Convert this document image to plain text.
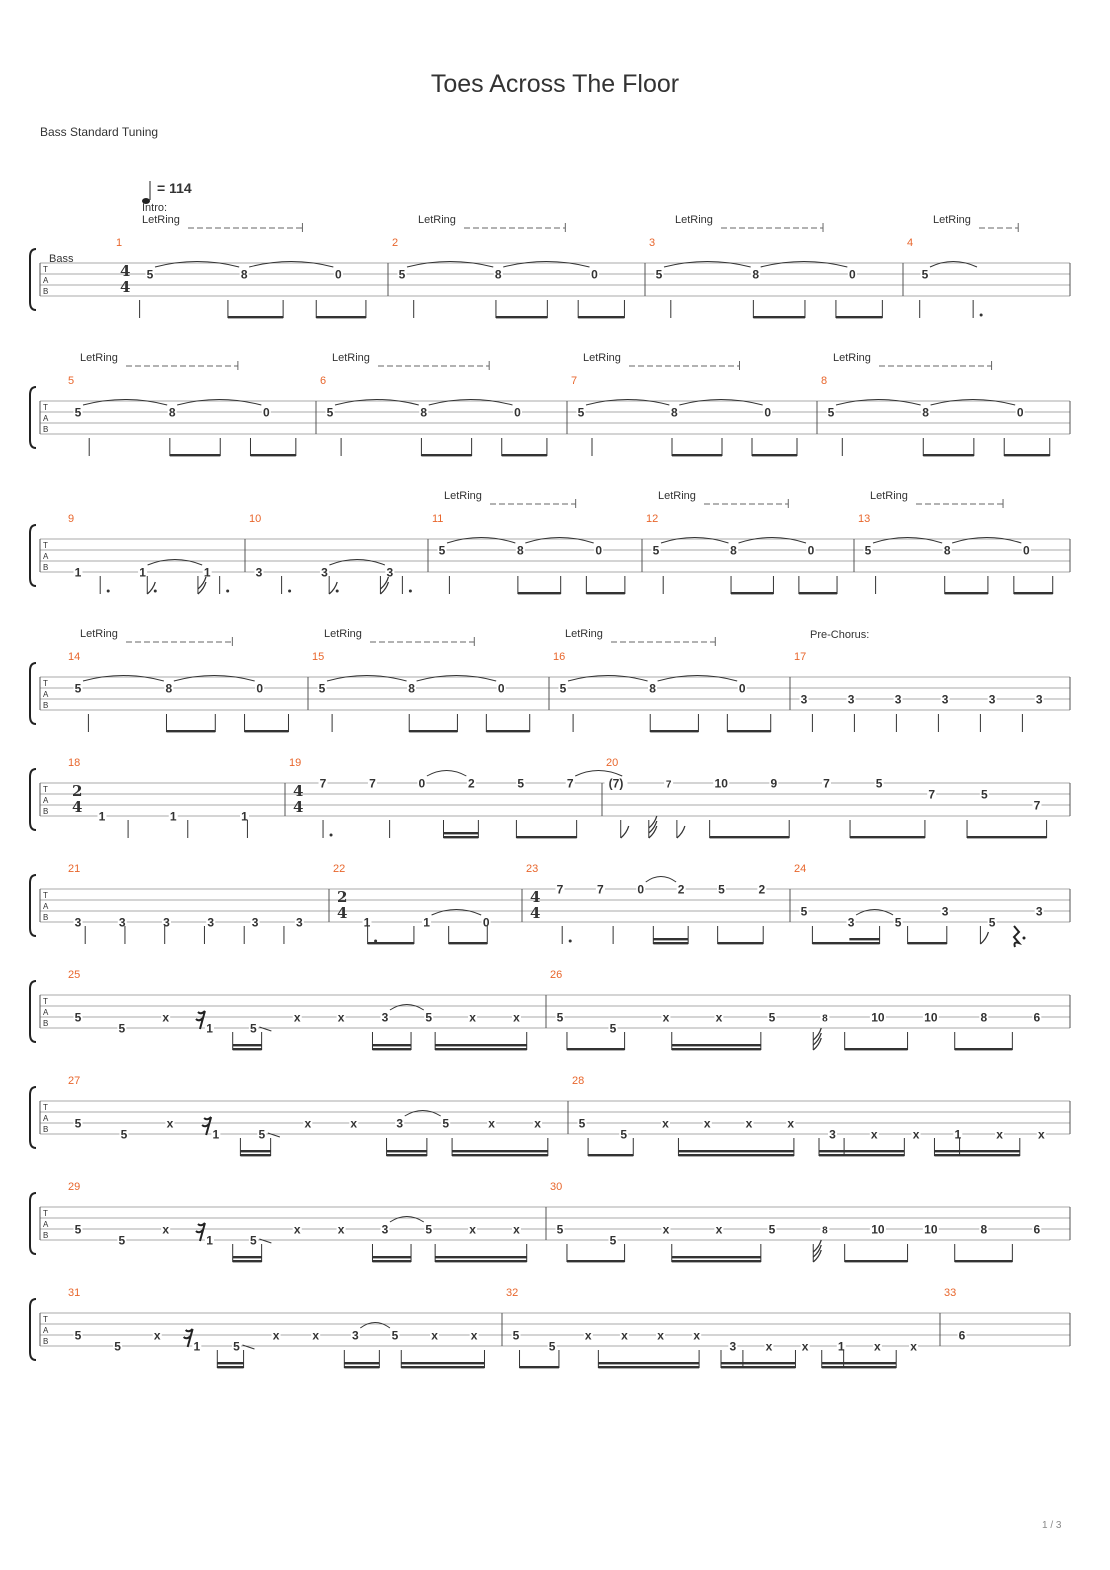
Toes Across The Floor
Bass Standard Tuning
T
A
B
Bass
= 114
1
4
4
Intro:
LetRing
5	8	0
2
LetRing
5	8	0
3
LetRing
5	8	0
4
LetRing
5
T
A
B
5
LetRing
5	8	0
6
LetRing
5	8	0
7
LetRing
5	8	0
8
LetRing
5	8	0
T
A
B
9
1	1	1
10
3	3	3
11
LetRing
5	8	0
12
LetRing
5	8	0
13
LetRing
5	8	0
T
A
B
14
LetRing
5	8	0
15
LetRing
5	8	0
16
LetRing
5	8	0
17
Pre-Chorus:
3	3	3	3	3	3
T
A
B
18
2
4
1	1	1
19
4
4
7	7	0	2	5	7
20
(7)	7	10	9	7	5
7	5
7
T
A
B
21
3	3	3	3	3	3
22
2
4
1	1	0
23
4
4
7	7	0	2	5	2
24
5
3	5
3
5
3
T
A
B
25
5
5
x
1	5
x	x	3	5	x	x
26
5
5
x	x	5	8	10	10	8	6
T
A
B
27
5
5
x
1	5
x	x	3	5	x	x
28
5
5
x	x	x	x
3	x	x	1	x	x
T
A
B
29
5
5
x
1	5
x	x	3	5	x	x
30
5
5
x	x	5	8	10	10	8	6
T
A
B
31
5
5
x
1	5
x	x	3	5	x	x
32
5
5
x x x x
3 x x 1 x x
33
6
1 / 3
